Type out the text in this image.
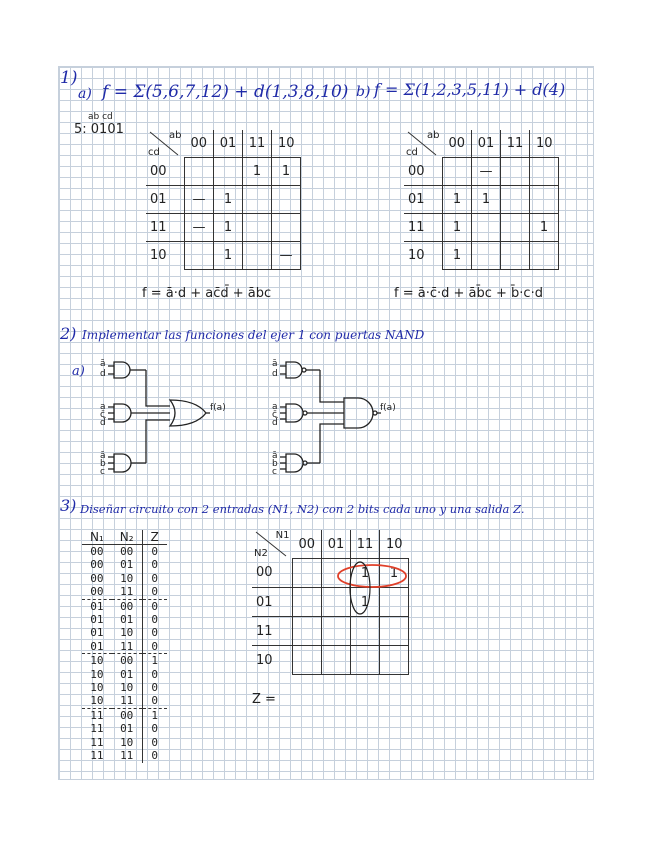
1)
a) f = Σ(5,6,7,12) + d(1,3,8,10) b) f = Σ(1,2,3,5,11) + d(4)
ab cd
5: 0101	ab
cd	00	01	11	10
00			1	1
01	—	1		
11	—	1		
10		1		—
f = ā·d + ac̄d̄ + ābc
ab
cd	00	01	11	10
00		—		
01	1	1		
11	1			1
10	1			
f = ā·c̄·d + āb̄c + b̄·c·d
2) Implementar las funciones del ejer 1 con puertas NAND
a) ā
d
a
c̄
d̄
ā
b
c
f(a)
ā
d
a
c̄
d̄
ā
b
c
f(a)
3) Diseñar circuito con 2 entradas (N1, N2) con 2 bits cada uno y una salida Z.
N₁	N₂	Z
00	00	0
00	01	0
00	10	0
00	11	0
01	00	0
01	01	0
01	10	0
01	11	0
10	00	1
10	01	0
10	10	0
10	11	0
11	00	1
11	01	0
11	10	0
11	11	0
N1
N2	00	01	11	10
00			1	1
01			1	
11				
10				
Z =
